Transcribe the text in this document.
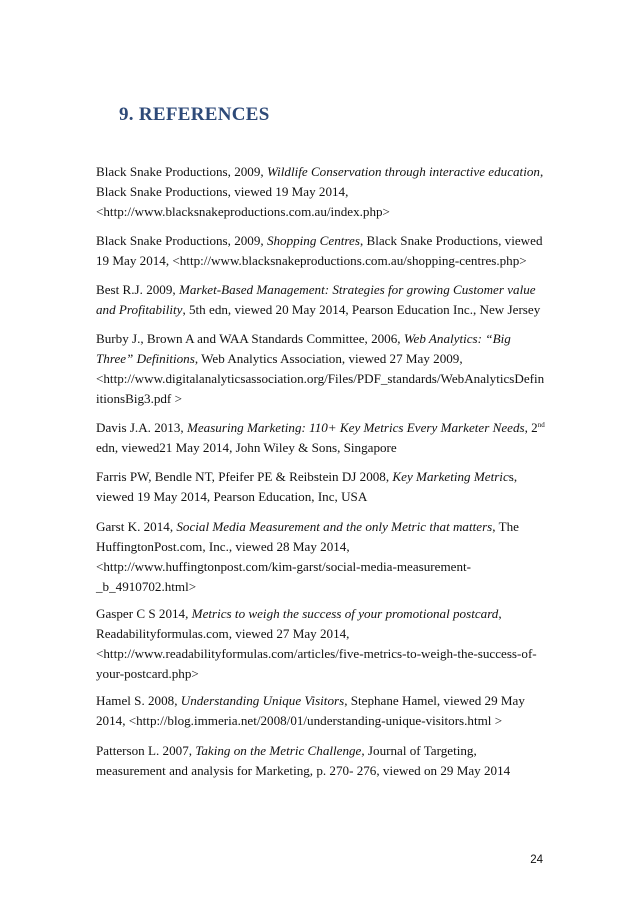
9. REFERENCES

Black Snake Productions, 2009, Wildlife Conservation through interactive education,
Black Snake Productions, viewed 19 May 2014,
<http://www.blacksnakeproductions.com.au/index.php>

Black Snake Productions, 2009, Shopping Centres, Black Snake Productions, viewed
19 May 2014, <http://www.blacksnakeproductions.com.au/shopping-centres.php>

Best R.J. 2009, Market-Based Management: Strategies for growing Customer value
and Profitability, 5th edn, viewed 20 May 2014, Pearson Education Inc., New Jersey

Burby J., Brown A and WAA Standards Committee, 2006, Web Analytics: “Big
Three” Definitions, Web Analytics Association, viewed 27 May 2009,
<http://www.digitalanalyticsassociation.org/Files/PDF_standards/WebAnalyticsDefin
itionsBig3.pdf >

Davis J.A. 2013, Measuring Marketing: 110+ Key Metrics Every Marketer Needs, 2nd
edn, viewed21 May 2014, John Wiley & Sons, Singapore

Farris PW, Bendle NT, Pfeifer PE & Reibstein DJ 2008, Key Marketing Metrics,
viewed 19 May 2014, Pearson Education, Inc, USA

Garst K. 2014, Social Media Measurement and the only Metric that matters, The
HuffingtonPost.com, Inc., viewed 28 May 2014,
<http://www.huffingtonpost.com/kim-garst/social-media-measurement-
_b_4910702.html>

Gasper C S 2014, Metrics to weigh the success of your promotional postcard,
Readabilityformulas.com, viewed 27 May 2014,
<http://www.readabilityformulas.com/articles/five-metrics-to-weigh-the-success-of-
your-postcard.php>

Hamel S. 2008, Understanding Unique Visitors, Stephane Hamel, viewed 29 May
2014, <http://blog.immeria.net/2008/01/understanding-unique-visitors.html >

Patterson L. 2007, Taking on the Metric Challenge, Journal of Targeting,
measurement and analysis for Marketing, p. 270- 276, viewed on 29 May 2014

24
